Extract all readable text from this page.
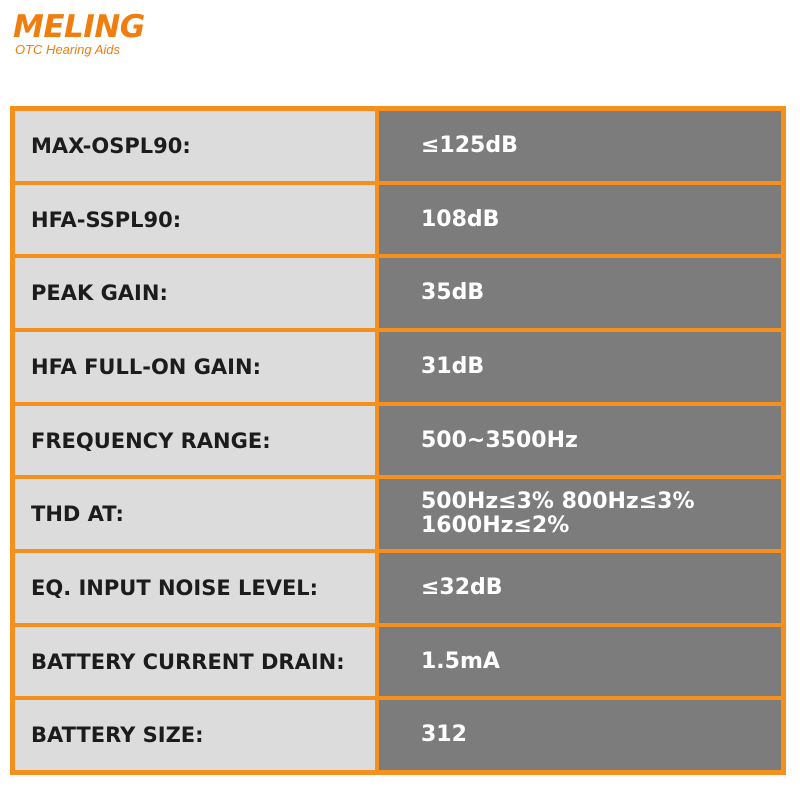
MELING
OTC Hearing Aids
MAX-OSPL90:	≤125dB
HFA-SSPL90:	108dB
PEAK GAIN:	35dB
HFA FULL-ON GAIN:	31dB
FREQUENCY RANGE:	500~3500Hz
THD AT:	500Hz≤3% 800Hz≤3%
1600Hz≤2%
EQ. INPUT NOISE LEVEL:	≤32dB
BATTERY CURRENT DRAIN:	1.5mA
BATTERY SIZE:	312
